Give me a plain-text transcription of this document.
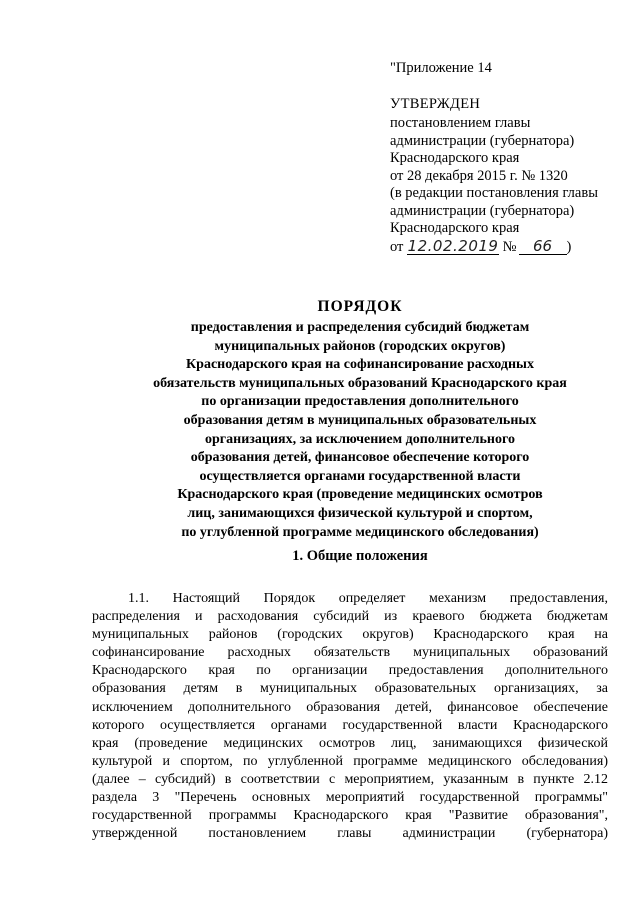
"Приложение 14
УТВЕРЖДЕН
постановлением главы
администрации (губернатора)
Краснодарского края
от 28 декабря 2015 г. № 1320
(в редакции постановления главы
администрации (губернатора)
Краснодарского края
от 12.02.2019 № 66 )
ПОРЯДОК
предоставления и распределения субсидий бюджетам
муниципальных районов (городских округов)
Краснодарского края на софинансирование расходных
обязательств муниципальных образований Краснодарского края
по организации предоставления дополнительного
образования детям в муниципальных образовательных
организациях, за исключением дополнительного
образования детей, финансовое обеспечение которого
осуществляется органами государственной власти
Краснодарского края (проведение медицинских осмотров
лиц, занимающихся физической культурой и спортом,
по углубленной программе медицинского обследования)
1. Общие положения
1.1. Настоящий Порядок определяет механизм предоставления,
распределения и расходования субсидий из краевого бюджета бюджетам
муниципальных районов (городских округов) Краснодарского края на
софинансирование расходных обязательств муниципальных образований
Краснодарского края по организации предоставления дополнительного
образования детям в муниципальных образовательных организациях, за
исключением дополнительного образования детей, финансовое обеспечение
которого осуществляется органами государственной власти Краснодарского
края (проведение медицинских осмотров лиц, занимающихся физической
культурой и спортом, по углубленной программе медицинского обследования)
(далее – субсидий) в соответствии с мероприятием, указанным в пункте 2.12
раздела 3 "Перечень основных мероприятий государственной программы"
государственной программы Краснодарского края "Развитие образования",
утвержденной постановлением главы администрации (губернатора)
